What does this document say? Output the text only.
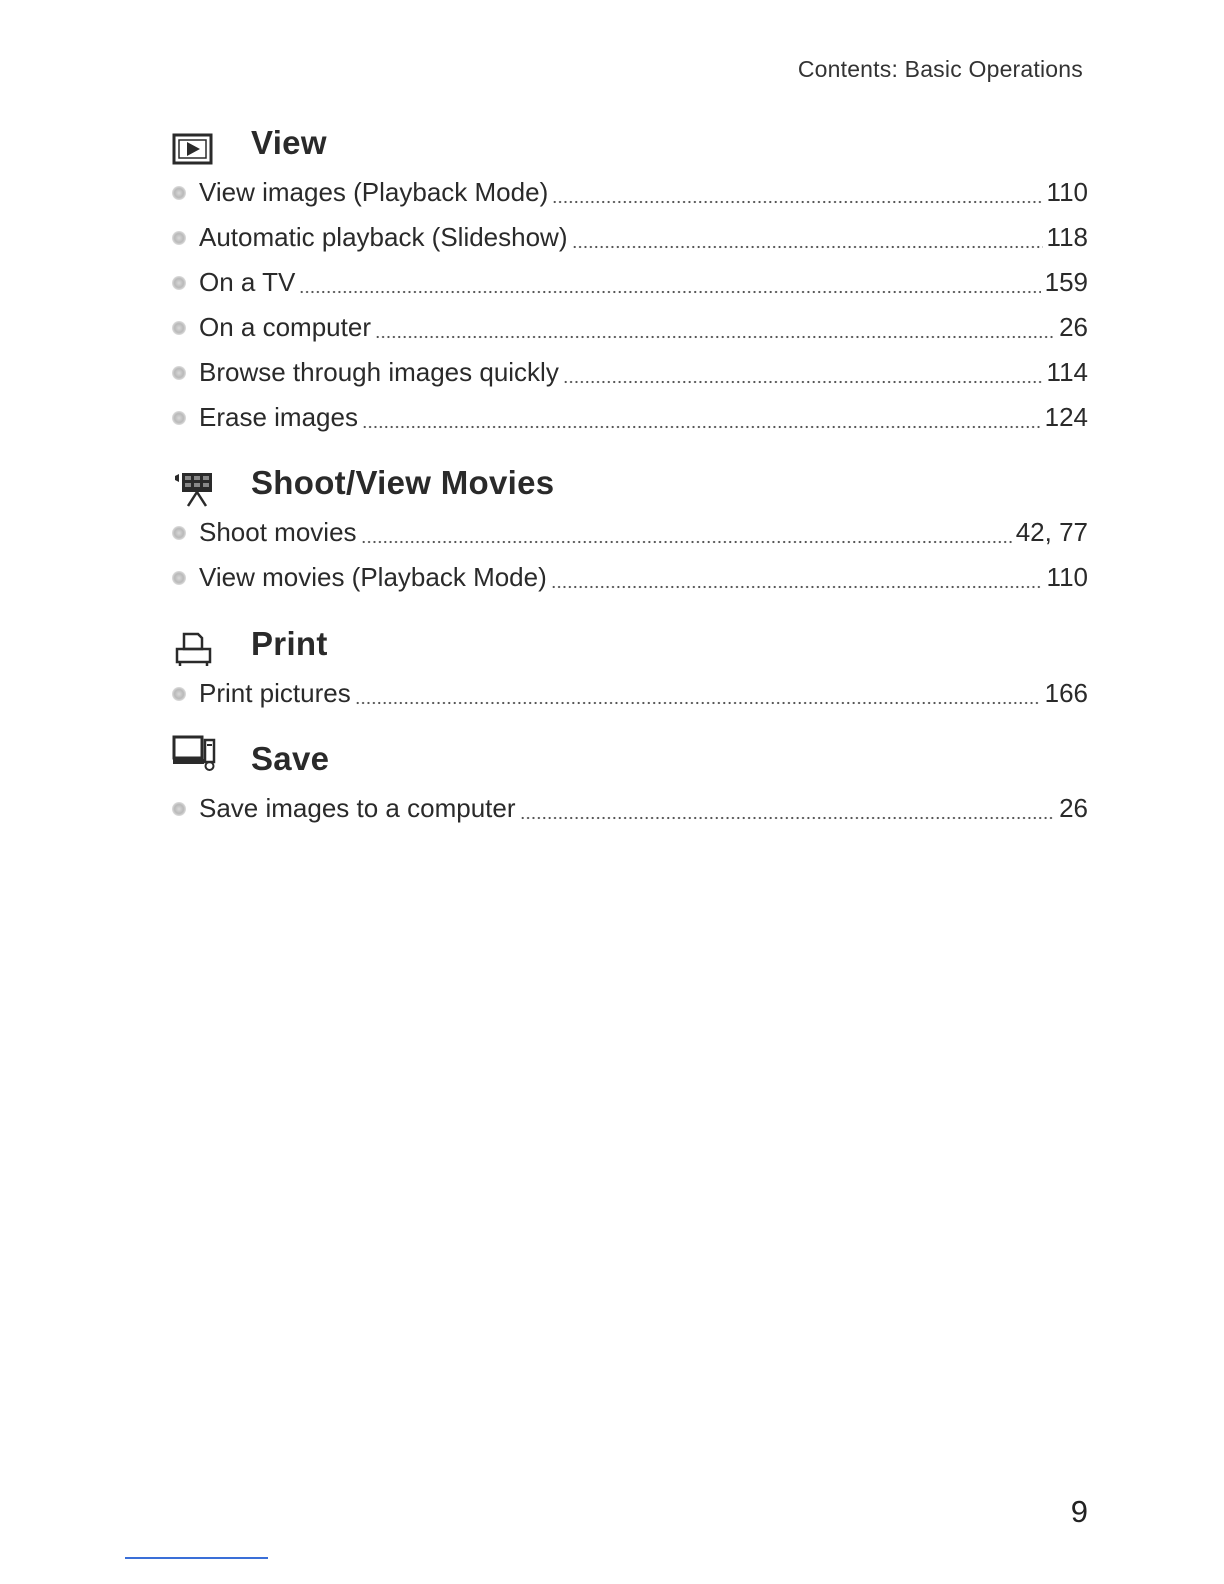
Contents: Basic Operations
View
View images (Playback Mode)	110
Automatic playback (Slideshow)	118
On a TV	159
On a computer	26
Browse through images quickly	114
Erase images	124
Shoot/View Movies
Shoot movies	42, 77
View movies (Playback Mode)	110
Print
Print pictures	166
Save
Save images to a computer	26
9
